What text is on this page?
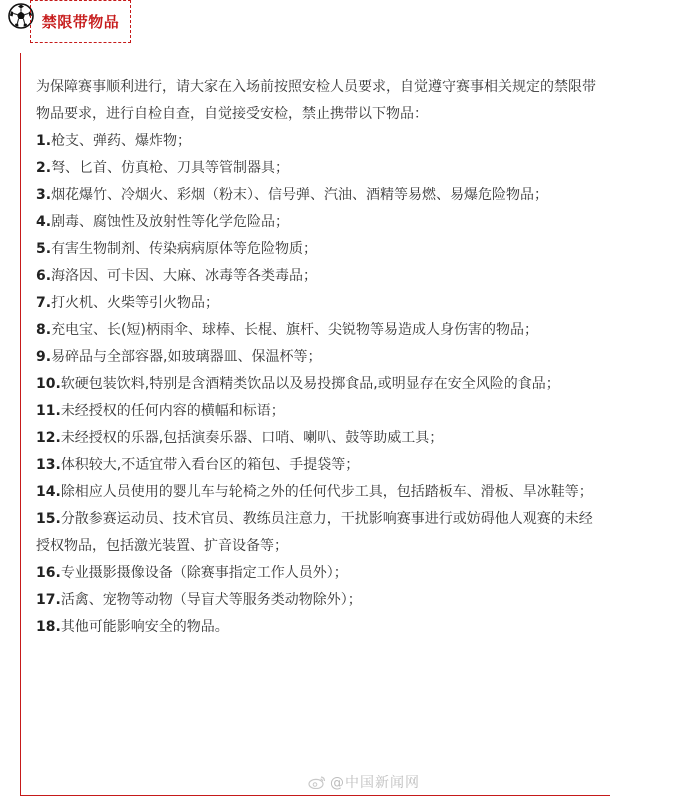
禁限带物品

为保障赛事顺利进行，请大家在入场前按照安检人员要求，自觉遵守赛事相关规定的禁限带物品要求，进行自检自查，自觉接受安检，禁止携带以下物品：

1.枪支、弹药、爆炸物；

2.弩、匕首、仿真枪、刀具等管制器具；

3.烟花爆竹、冷烟火、彩烟（粉末）、信号弹、汽油、酒精等易燃、易爆危险物品；

4.剧毒、腐蚀性及放射性等化学危险品；

5.有害生物制剂、传染病病原体等危险物质；

6.海洛因、可卡因、大麻、冰毒等各类毒品；

7.打火机、火柴等引火物品；

8.充电宝、长(短)柄雨伞、球棒、长棍、旗杆、尖锐物等易造成人身伤害的物品；

9.易碎品与全部容器,如玻璃器皿、保温杯等；

10.软硬包装饮料,特别是含酒精类饮品以及易投掷食品,或明显存在安全风险的食品；

11.未经授权的任何内容的横幅和标语；

12.未经授权的乐器,包括演奏乐器、口哨、喇叭、鼓等助威工具；

13.体积较大,不适宜带入看台区的箱包、手提袋等；

14.除相应人员使用的婴儿车与轮椅之外的任何代步工具，包括踏板车、滑板、旱冰鞋等；

15.分散参赛运动员、技术官员、教练员注意力，干扰影响赛事进行或妨碍他人观赛的未经授权物品，包括激光装置、扩音设备等；

16.专业摄影摄像设备（除赛事指定工作人员外）；

17.活禽、宠物等动物（导盲犬等服务类动物除外）；

18.其他可能影响安全的物品。

@中国新闻网
